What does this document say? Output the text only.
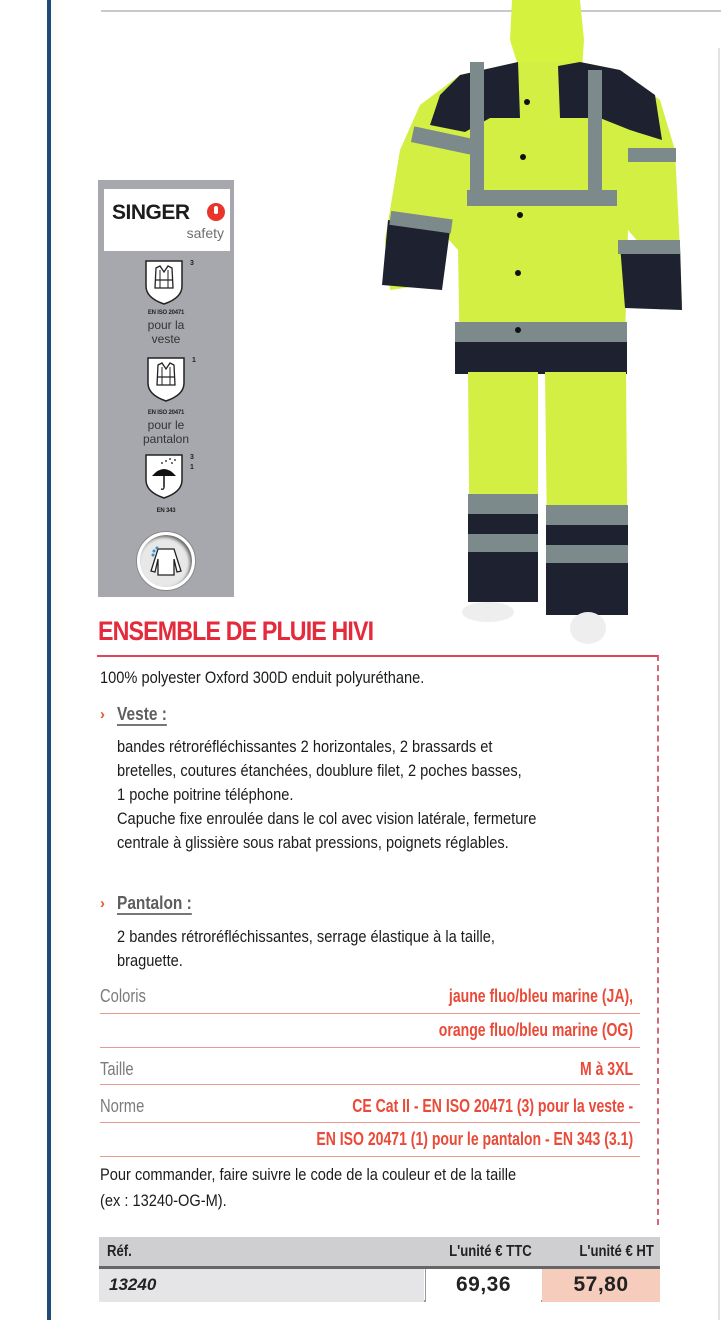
SINGER
safety
3
EN ISO 20471
pour la
veste
1
EN ISO 20471
pour le
pantalon
3
1
EN 343
ENSEMBLE DE PLUIE HIVI
100% polyester Oxford 300D enduit polyuréthane.
› Veste :
bandes rétroréfléchissantes 2 horizontales, 2 brassards et
bretelles, coutures étanchées, doublure filet, 2 poches basses,
1 poche poitrine téléphone.
Capuche fixe enroulée dans le col avec vision latérale, fermeture
centrale à glissière sous rabat pressions, poignets réglables.
› Pantalon :
2 bandes rétroréfléchissantes, serrage élastique à la taille,
braguette.
Coloris	jaune fluo/bleu marine (JA),
orange fluo/bleu marine (OG)
Taille	M à 3XL
Norme	CE Cat II - EN ISO 20471 (3) pour la veste -
EN ISO 20471 (1) pour le pantalon - EN 343 (3.1)
Pour commander, faire suivre le code de la couleur et de la taille
(ex : 13240-OG-M).
Réf.	L'unité € TTC	L'unité € HT
13240	69,36	57,80
